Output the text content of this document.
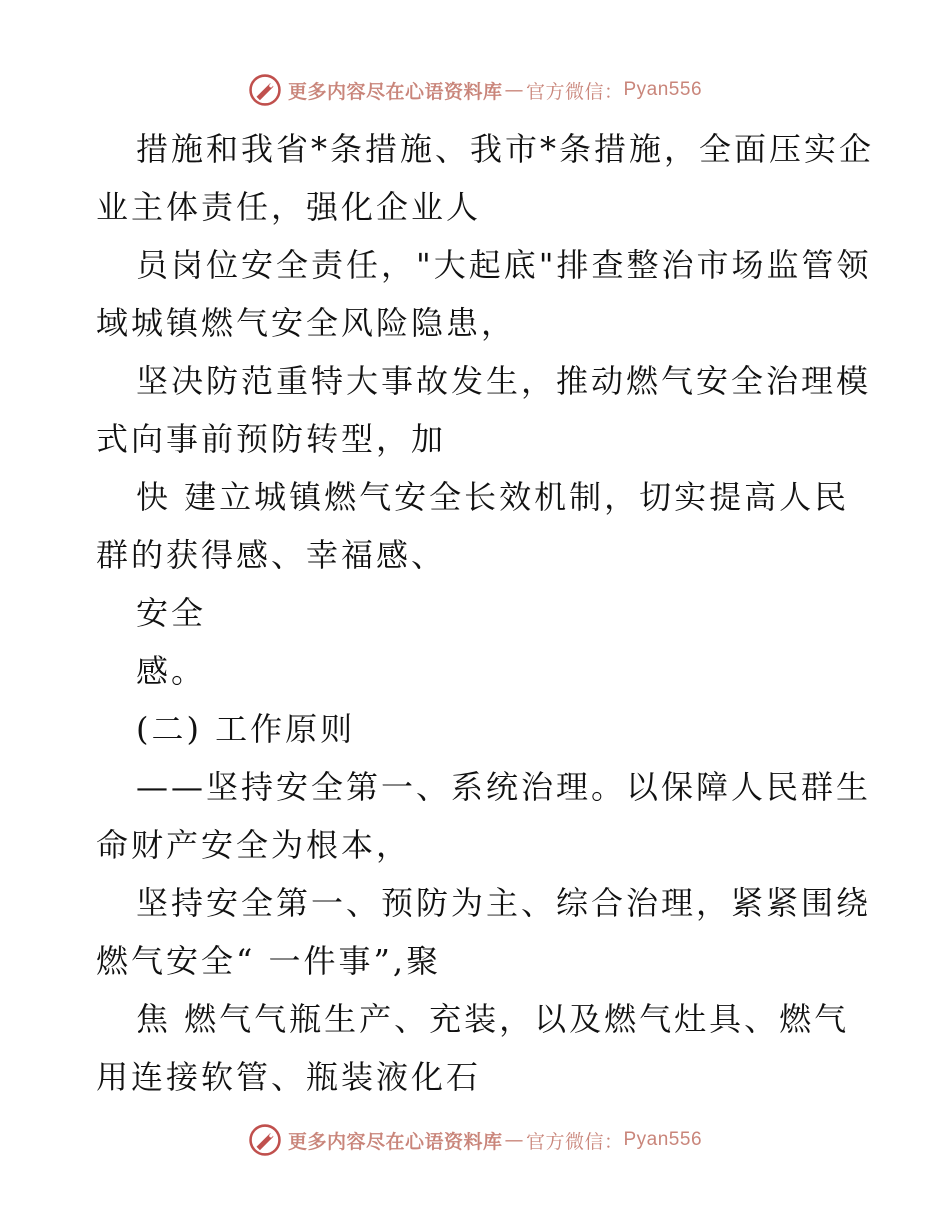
更多内容尽在心语资料库 — 官方微信： Pyan556
措施和我省*条措施、我市*条措施，全面压实企
业主体责任，强化企业人
员岗位安全责任，"大起底"排查整治市场监管领
域城镇燃气安全风险隐患，
坚决防范重特大事故发生，推动燃气安全治理模
式向事前预防转型，加
快 建立城镇燃气安全长效机制，切实提高人民
群的获得感、幸福感、
安全
感。
(二) 工作原则
——坚持安全第一、系统治理。以保障人民群生
命财产安全为根本，
坚持安全第一、预防为主、综合治理，紧紧围绕
燃气安全“ 一件事”,聚
焦 燃气气瓶生产、充装，以及燃气灶具、燃气
用连接软管、瓶装液化石
更多内容尽在心语资料库 — 官方微信： Pyan556
